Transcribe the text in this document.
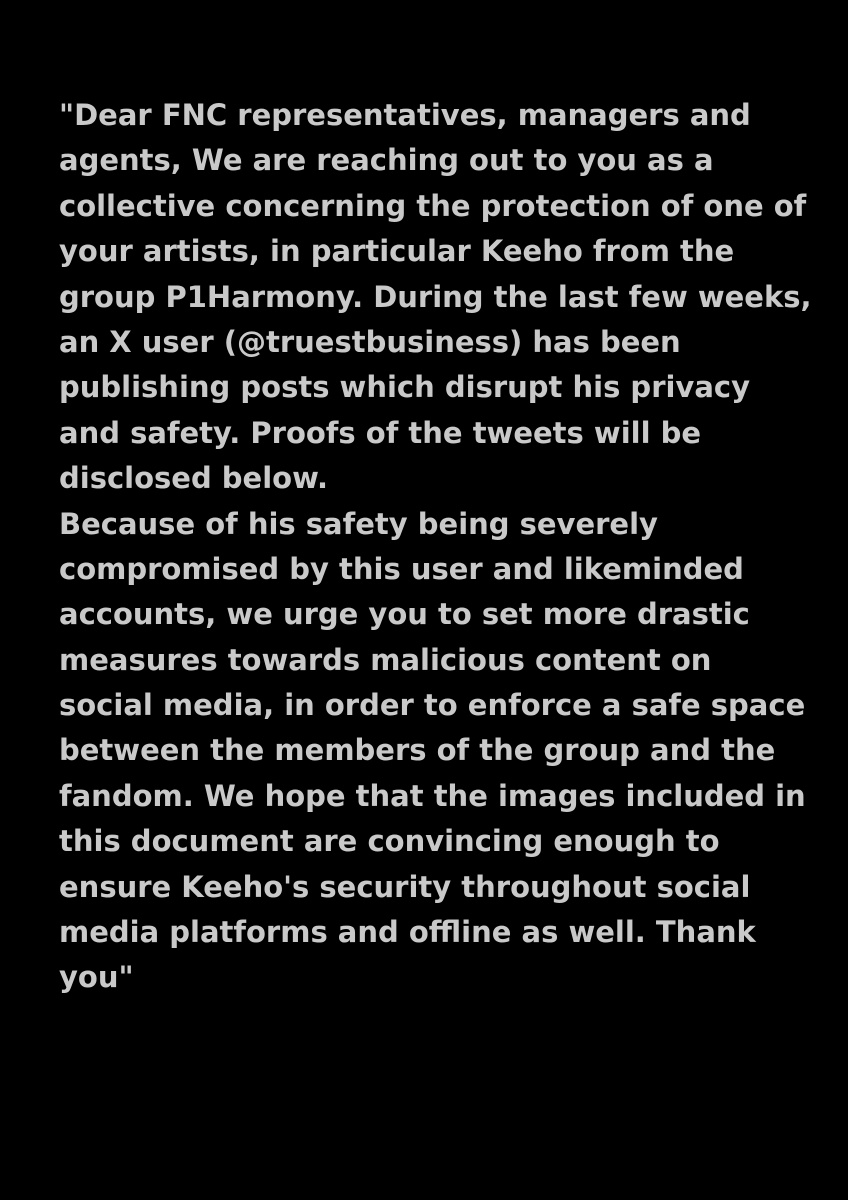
"Dear FNC representatives, managers and
agents, We are reaching out to you as a
collective concerning the protection of one of
your artists, in particular Keeho from the
group P1Harmony. During the last few weeks,
an X user (@truestbusiness) has been
publishing posts which disrupt his privacy
and safety. Proofs of the tweets will be
disclosed below.
Because of his safety being severely
compromised by this user and likeminded
accounts, we urge you to set more drastic
measures towards malicious content on
social media, in order to enforce a safe space
between the members of the group and the
fandom. We hope that the images included in
this document are convincing enough to
ensure Keeho's security throughout social
media platforms and offline as well. Thank
you"
